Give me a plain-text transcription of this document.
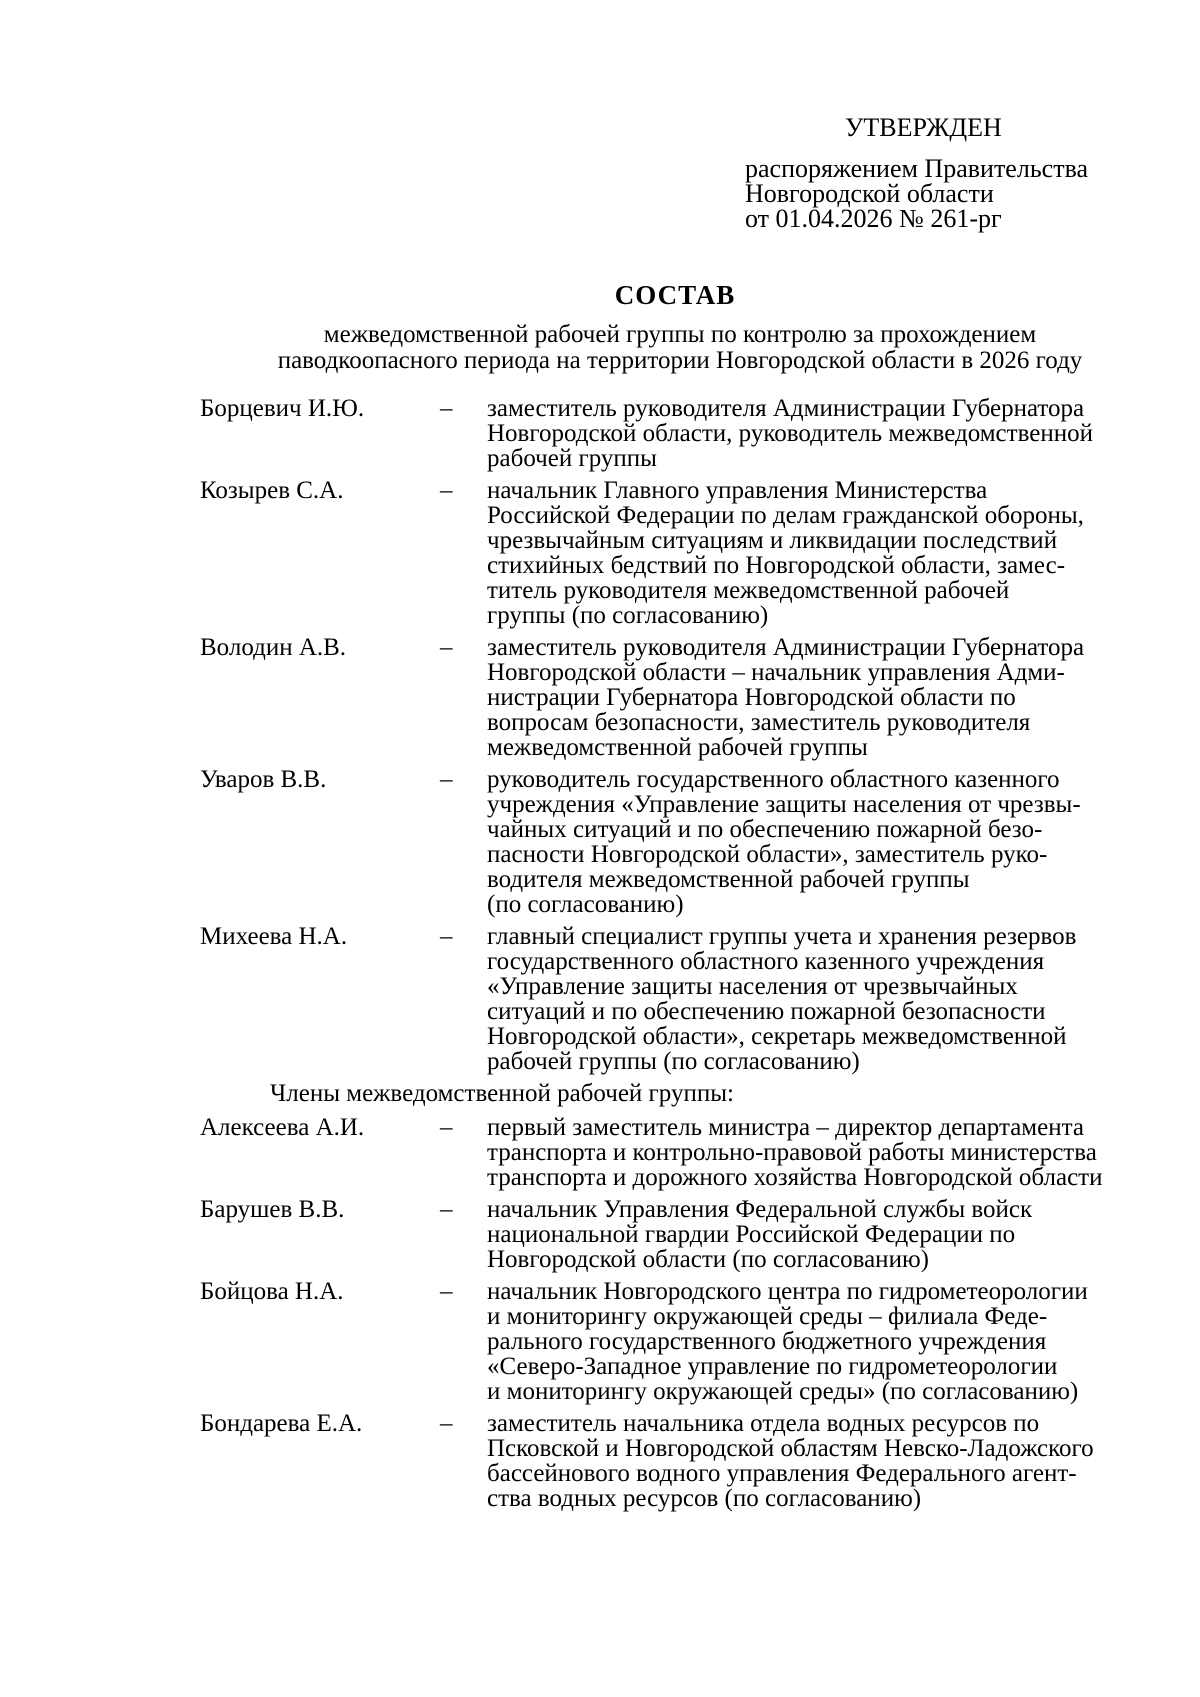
УТВЕРЖДЕН
распоряжением Правительства
Новгородской области
от 01.04.2026 № 261-рг
СОСТАВ
межведомственной рабочей группы по контролю за прохождением
паводкоопасного периода на территории Новгородской области в 2026 году
Борцевич И.Ю.	–	заместитель руководителя Администрации Губернатора
Новгородской области, руководитель межведомственной
рабочей группы
Козырев С.А.	–	начальник Главного управления Министерства
Российской Федерации по делам гражданской обороны,
чрезвычайным ситуациям и ликвидации последствий
стихийных бедствий по Новгородской области, замес-
титель руководителя межведомственной рабочей
группы (по согласованию)
Володин А.В.	–	заместитель руководителя Администрации Губернатора
Новгородской области – начальник управления Адми-
нистрации Губернатора Новгородской области по
вопросам безопасности, заместитель руководителя
межведомственной рабочей группы
Уваров В.В.	–	руководитель государственного областного казенного
учреждения «Управление защиты населения от чрезвы-
чайных ситуаций и по обеспечению пожарной безо-
пасности Новгородской области», заместитель руко-
водителя межведомственной рабочей группы
(по согласованию)
Михеева Н.А.	–	главный специалист группы учета и хранения резервов
государственного областного казенного учреждения
«Управление защиты населения от чрезвычайных
ситуаций и по обеспечению пожарной безопасности
Новгородской области», секретарь межведомственной
рабочей группы (по согласованию)
Члены межведомственной рабочей группы:
Алексеева А.И.	–	первый заместитель министра – директор департамента
транспорта и контрольно-правовой работы министерства
транспорта и дорожного хозяйства Новгородской области
Барушев В.В.	–	начальник Управления Федеральной службы войск
национальной гвардии Российской Федерации по
Новгородской области (по согласованию)
Бойцова Н.А.	–	начальник Новгородского центра по гидрометеорологии
и мониторингу окружающей среды – филиала Феде-
рального государственного бюджетного учреждения
«Северо-Западное управление по гидрометеорологии
и мониторингу окружающей среды» (по согласованию)
Бондарева Е.А.	–	заместитель начальника отдела водных ресурсов по
Псковской и Новгородской областям Невско-Ладожского
бассейнового водного управления Федерального агент-
ства водных ресурсов (по согласованию)
